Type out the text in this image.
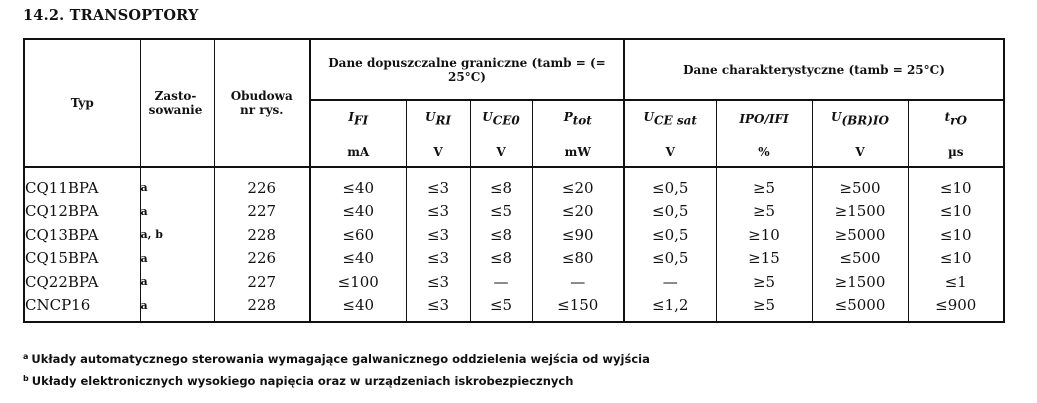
14.2. TRANSOPTORY
Typ	Zasto-sowanie	Obudowa nr rys.	Dane dopuszczalne graniczne (tamb = (= 25°C)				Dane charakterystyczne (tamb = 25°C)			
			$I_{FI}$	$U_{RI}$	$U_{CE0}$	$P_{tot}$	$U_{CE sat}$	IPO/IFI	$U_{(BR)IO}$	$t_{rO}$
			mA	V	V	mW	V	%	V	µs

CQ11BPA	a	226	≤40	≤3	≤8	≤20	≤0,5	≥5	≥500	≤10
CQ12BPA	a	227	≤40	≤3	≤5	≤20	≤0,5	≥5	≥1500	≤10
CQ13BPA	a, b	228	≤60	≤3	≤8	≤90	≤0,5	≥10	≥5000	≤10
CQ15BPA	a	226	≤40	≤3	≤8	≤80	≤0,5	≥15	≤500	≤10
CQ22BPA	a	227	≤100	≤3	—	—	—	≥5	≥1500	≤1
CNCP16	a	228	≤40	≤3	≤5	≤150	≤1,2	≥5	≤5000	≤900

$^a$ Układy automatycznego sterowania wymagające galwanicznego oddzielenia wejścia od wyjścia
$^b$ Układy elektronicznych wysokiego napięcia oraz w urządzeniach iskrobezpiecznych
